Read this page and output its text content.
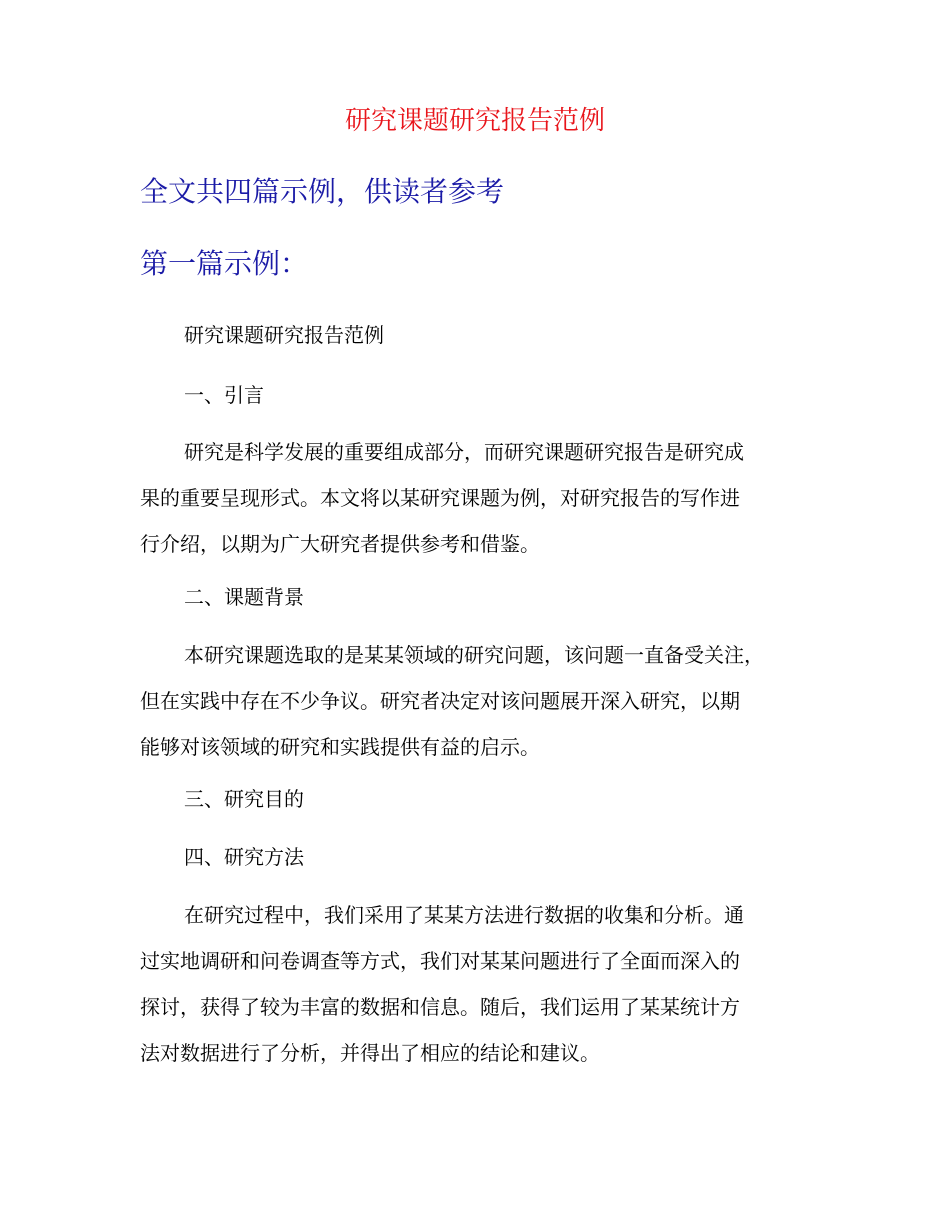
研究课题研究报告范例
全文共四篇示例，供读者参考
第一篇示例：
研究课题研究报告范例
一、引言
研究是科学发展的重要组成部分，而研究课题研究报告是研究成
果的重要呈现形式。本文将以某研究课题为例，对研究报告的写作进
行介绍，以期为广大研究者提供参考和借鉴。
二、课题背景
本研究课题选取的是某某领域的研究问题，该问题一直备受关注，
但在实践中存在不少争议。研究者决定对该问题展开深入研究，以期
能够对该领域的研究和实践提供有益的启示。
三、研究目的
四、研究方法
在研究过程中，我们采用了某某方法进行数据的收集和分析。通
过实地调研和问卷调查等方式，我们对某某问题进行了全面而深入的
探讨，获得了较为丰富的数据和信息。随后，我们运用了某某统计方
法对数据进行了分析，并得出了相应的结论和建议。
